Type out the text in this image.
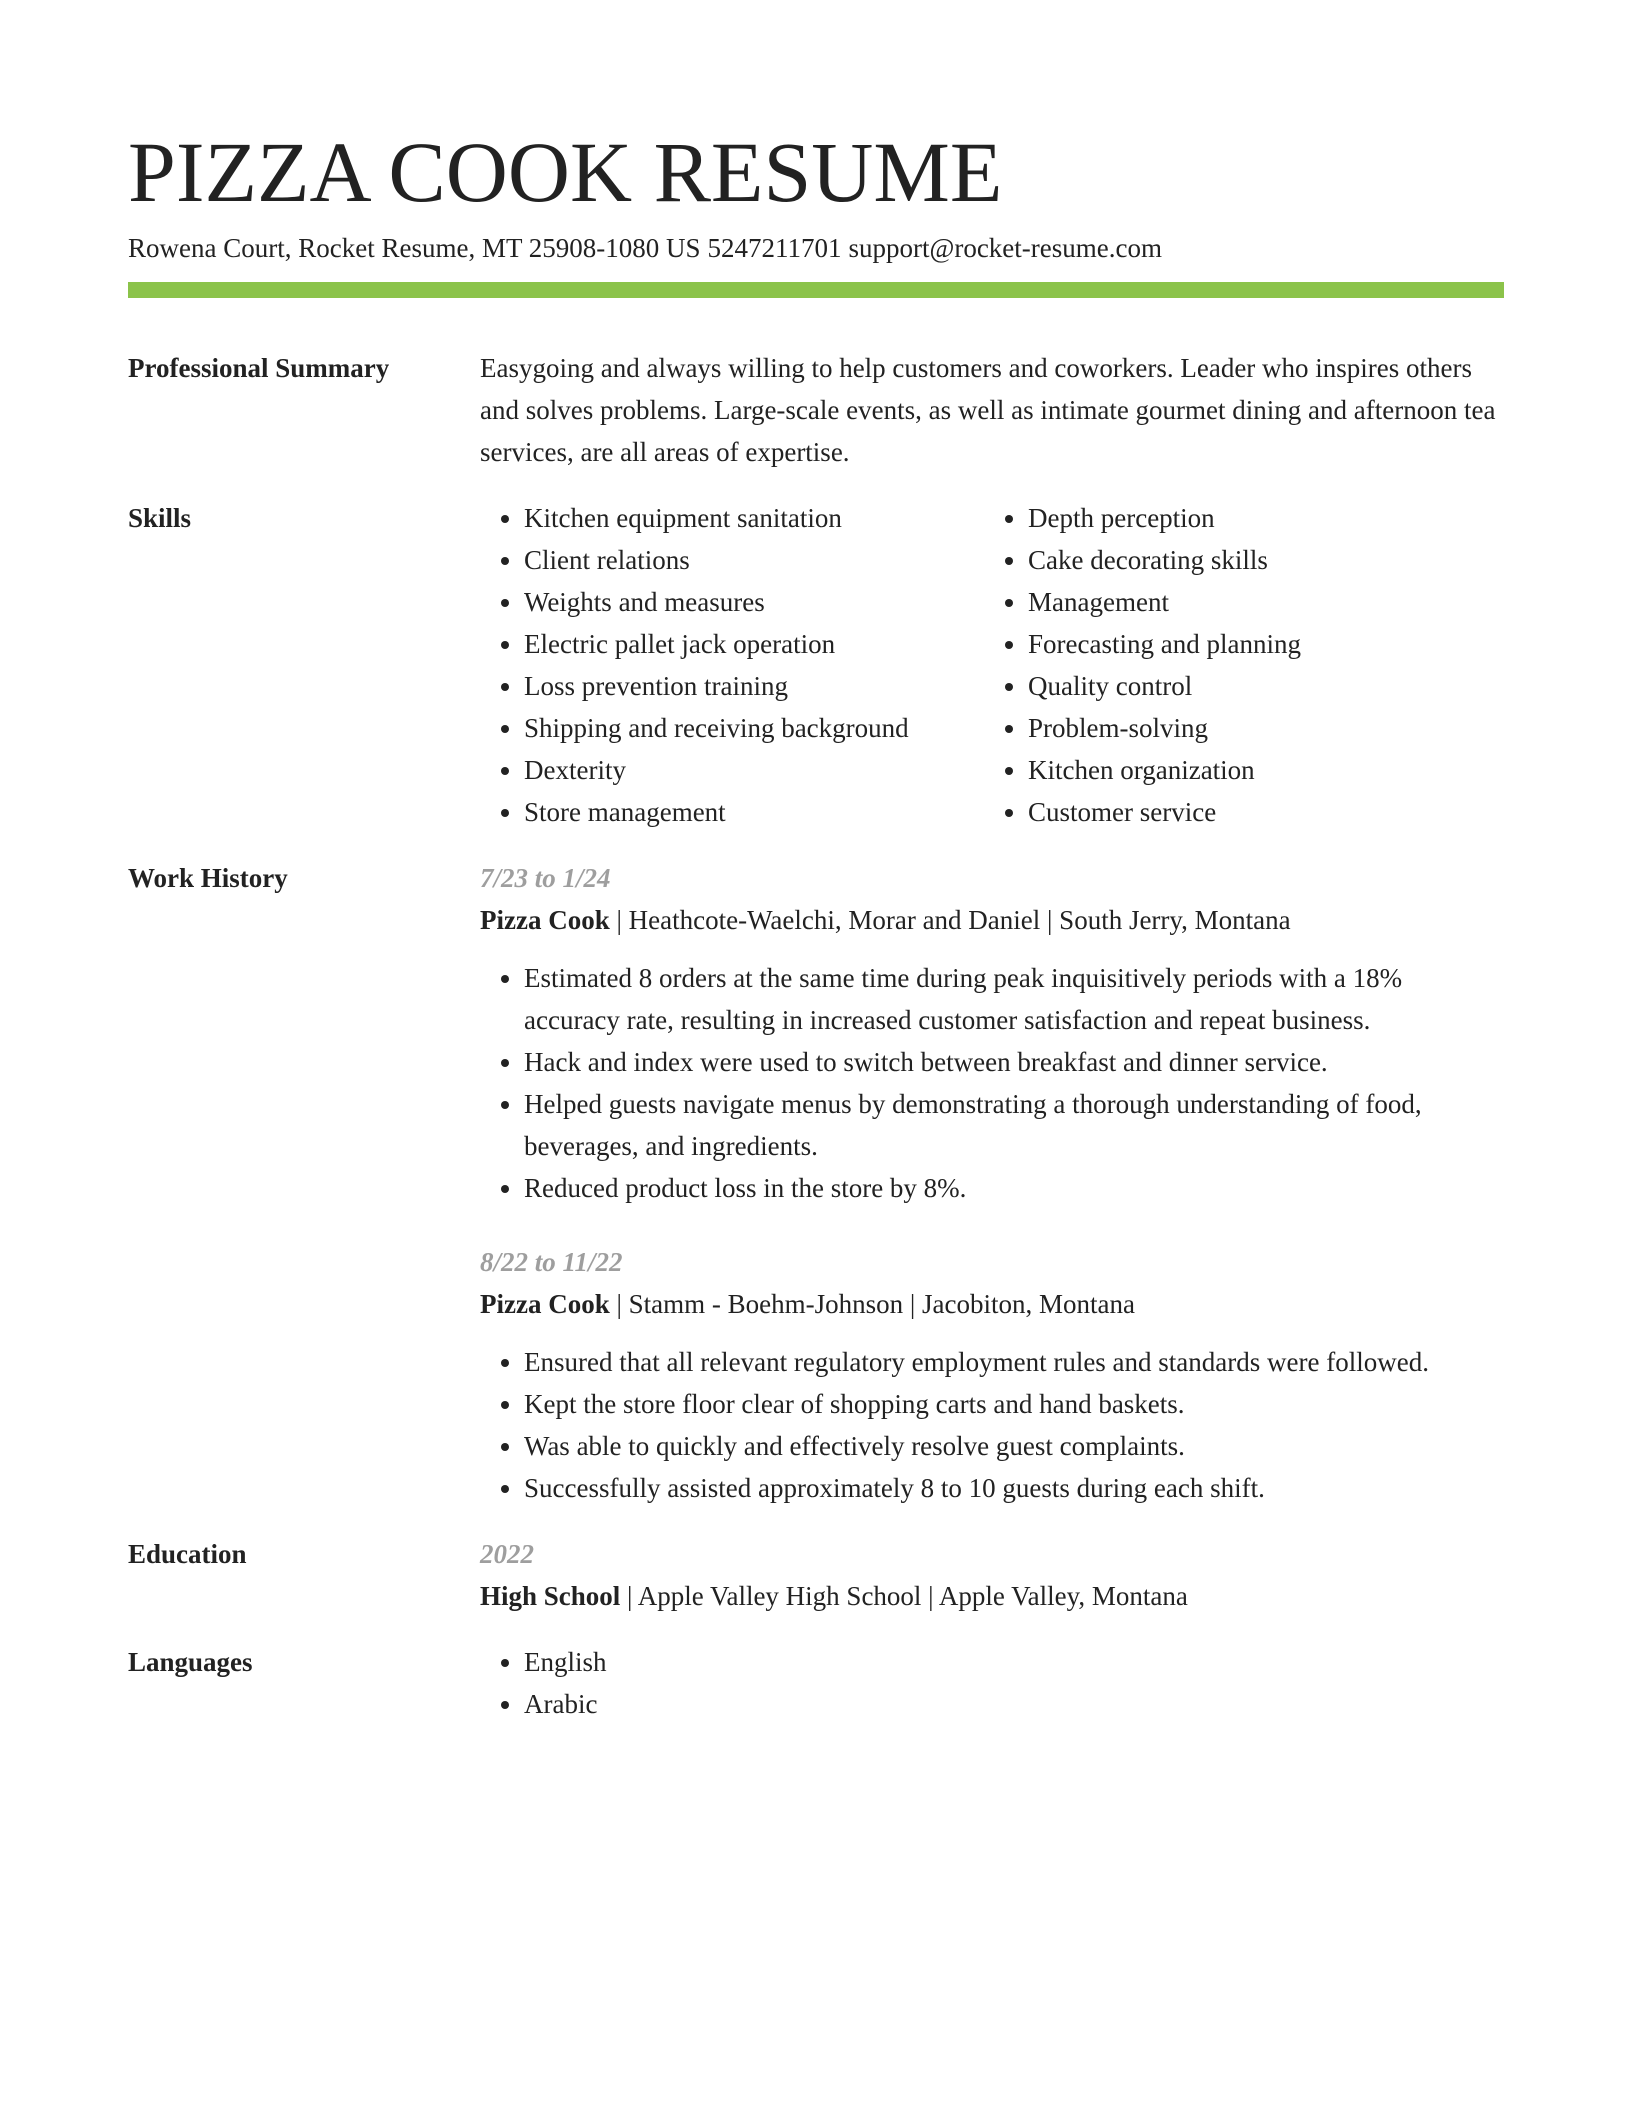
PIZZA COOK RESUME
Rowena Court, Rocket Resume, MT 25908-1080 US 5247211701 support@rocket-resume.com
Professional Summary	Easygoing and always willing to help customers and coworkers. Leader who inspires others and solves problems. Large-scale events, as well as intimate gourmet dining and afternoon tea services, are all areas of expertise.
Skills	• Kitchen equipment sanitation
• Client relations
• Weights and measures
• Electric pallet jack operation
• Loss prevention training
• Shipping and receiving background
• Dexterity
• Store management
• Depth perception
• Cake decorating skills
• Management
• Forecasting and planning
• Quality control
• Problem-solving
• Kitchen organization
• Customer service
Work History	7/23 to 1/24
Pizza Cook | Heathcote-Waelchi, Morar and Daniel | South Jerry, Montana
• Estimated 8 orders at the same time during peak inquisitively periods with a 18% accuracy rate, resulting in increased customer satisfaction and repeat business.
• Hack and index were used to switch between breakfast and dinner service.
• Helped guests navigate menus by demonstrating a thorough understanding of food, beverages, and ingredients.
• Reduced product loss in the store by 8%.
8/22 to 11/22
Pizza Cook | Stamm - Boehm-Johnson | Jacobiton, Montana
• Ensured that all relevant regulatory employment rules and standards were followed.
• Kept the store floor clear of shopping carts and hand baskets.
• Was able to quickly and effectively resolve guest complaints.
• Successfully assisted approximately 8 to 10 guests during each shift.
Education	2022
High School | Apple Valley High School | Apple Valley, Montana
Languages	• English
• Arabic
